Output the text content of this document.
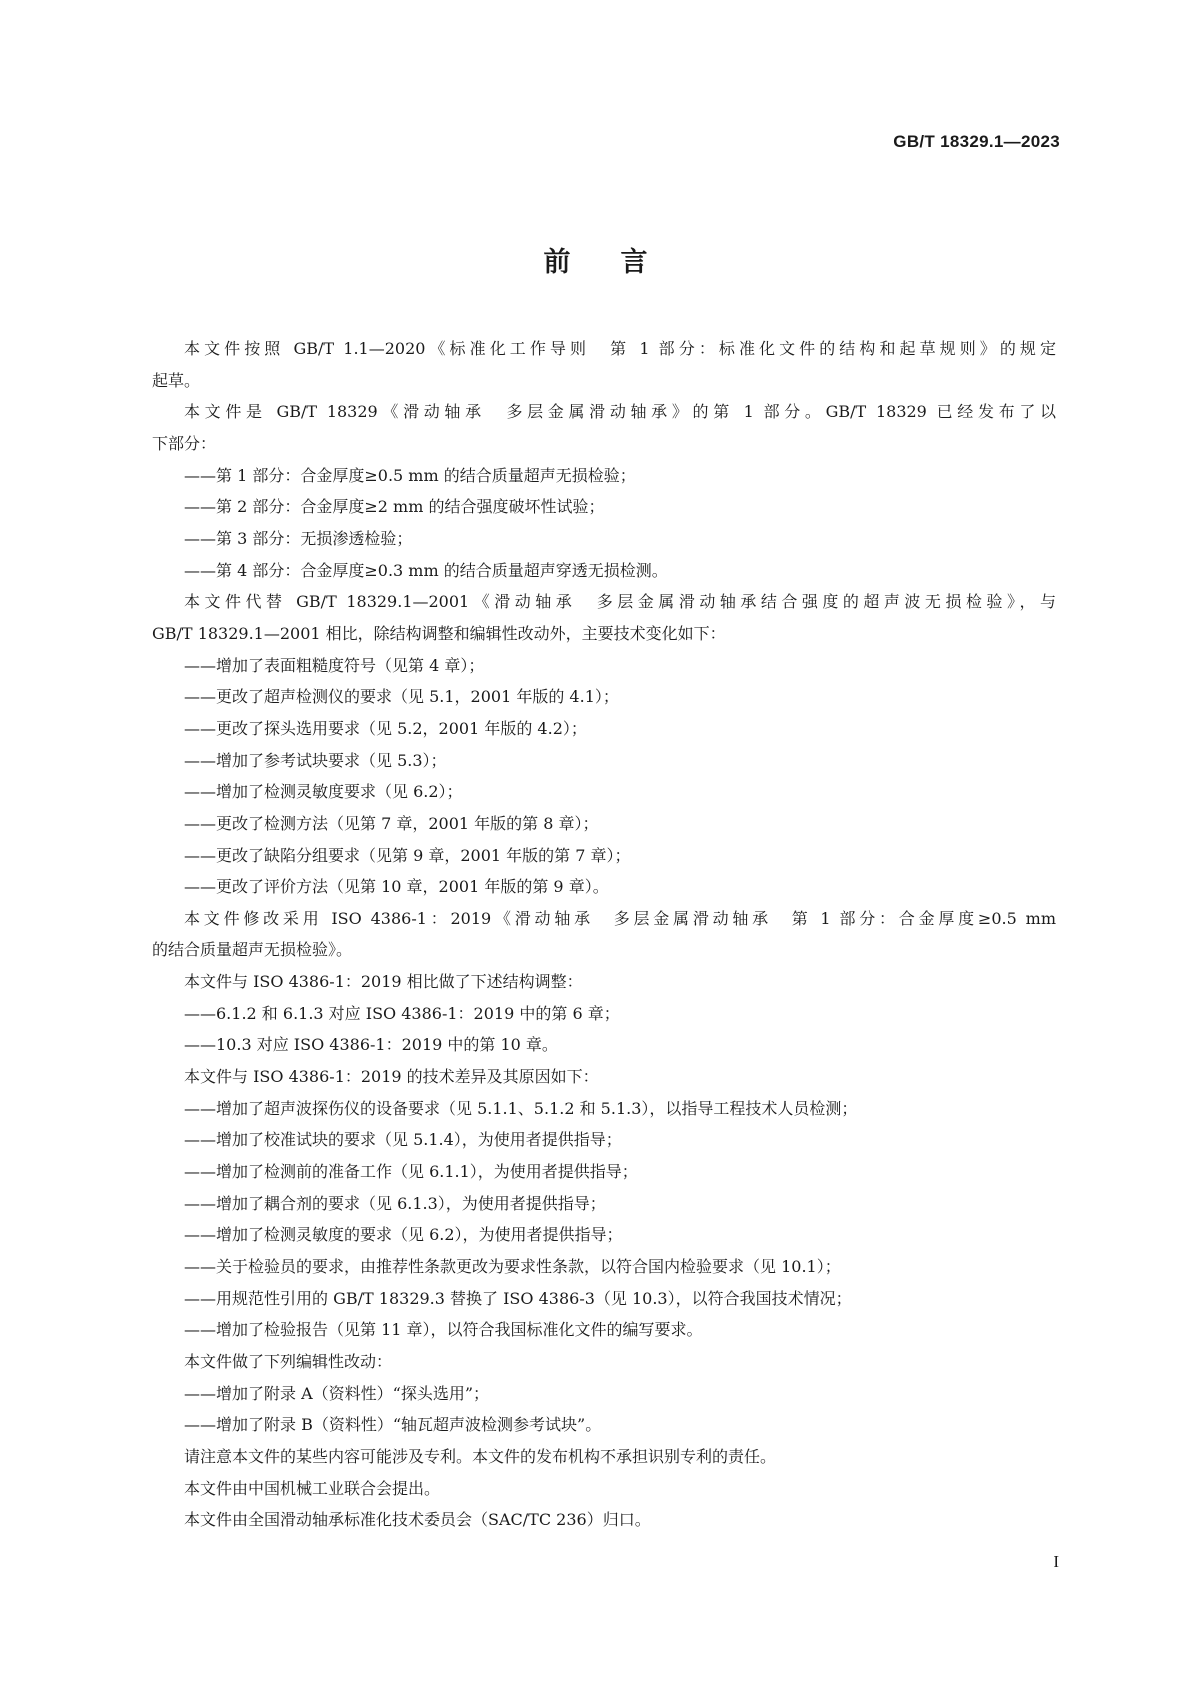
GB/T 18329.1—2023
前言
本文件按照 GB/T 1.1—2020《标准化工作导则　第 1 部分：标准化文件的结构和起草规则》的规定
起草。
本文件是 GB/T 18329《滑动轴承　多层金属滑动轴承》的第 1 部分。GB/T 18329 已经发布了以
下部分：
——第 1 部分：合金厚度≥0.5 mm 的结合质量超声无损检验；
——第 2 部分：合金厚度≥2 mm 的结合强度破坏性试验；
——第 3 部分：无损渗透检验；
——第 4 部分：合金厚度≥0.3 mm 的结合质量超声穿透无损检测。
本文件代替 GB/T 18329.1—2001《滑动轴承　多层金属滑动轴承结合强度的超声波无损检验》，与
GB/T 18329.1—2001 相比，除结构调整和编辑性改动外，主要技术变化如下：
——增加了表面粗糙度符号（见第 4 章）；
——更改了超声检测仪的要求（见 5.1，2001 年版的 4.1）；
——更改了探头选用要求（见 5.2，2001 年版的 4.2）；
——增加了参考试块要求（见 5.3）；
——增加了检测灵敏度要求（见 6.2）；
——更改了检测方法（见第 7 章，2001 年版的第 8 章）；
——更改了缺陷分组要求（见第 9 章，2001 年版的第 7 章）；
——更改了评价方法（见第 10 章，2001 年版的第 9 章）。
本文件修改采用 ISO 4386-1：2019《滑动轴承　多层金属滑动轴承　第 1 部分：合金厚度≥0.5 mm
的结合质量超声无损检验》。
本文件与 ISO 4386-1：2019 相比做了下述结构调整：
——6.1.2 和 6.1.3 对应 ISO 4386-1：2019 中的第 6 章；
——10.3 对应 ISO 4386-1：2019 中的第 10 章。
本文件与 ISO 4386-1：2019 的技术差异及其原因如下：
——增加了超声波探伤仪的设备要求（见 5.1.1、5.1.2 和 5.1.3），以指导工程技术人员检测；
——增加了校准试块的要求（见 5.1.4），为使用者提供指导；
——增加了检测前的准备工作（见 6.1.1），为使用者提供指导；
——增加了耦合剂的要求（见 6.1.3），为使用者提供指导；
——增加了检测灵敏度的要求（见 6.2），为使用者提供指导；
——关于检验员的要求，由推荐性条款更改为要求性条款，以符合国内检验要求（见 10.1）；
——用规范性引用的 GB/T 18329.3 替换了 ISO 4386-3（见 10.3），以符合我国技术情况；
——增加了检验报告（见第 11 章），以符合我国标准化文件的编写要求。
本文件做了下列编辑性改动：
——增加了附录 A（资料性）“探头选用”；
——增加了附录 B（资料性）“轴瓦超声波检测参考试块”。
请注意本文件的某些内容可能涉及专利。本文件的发布机构不承担识别专利的责任。
本文件由中国机械工业联合会提出。
本文件由全国滑动轴承标准化技术委员会（SAC/TC 236）归口。
I
